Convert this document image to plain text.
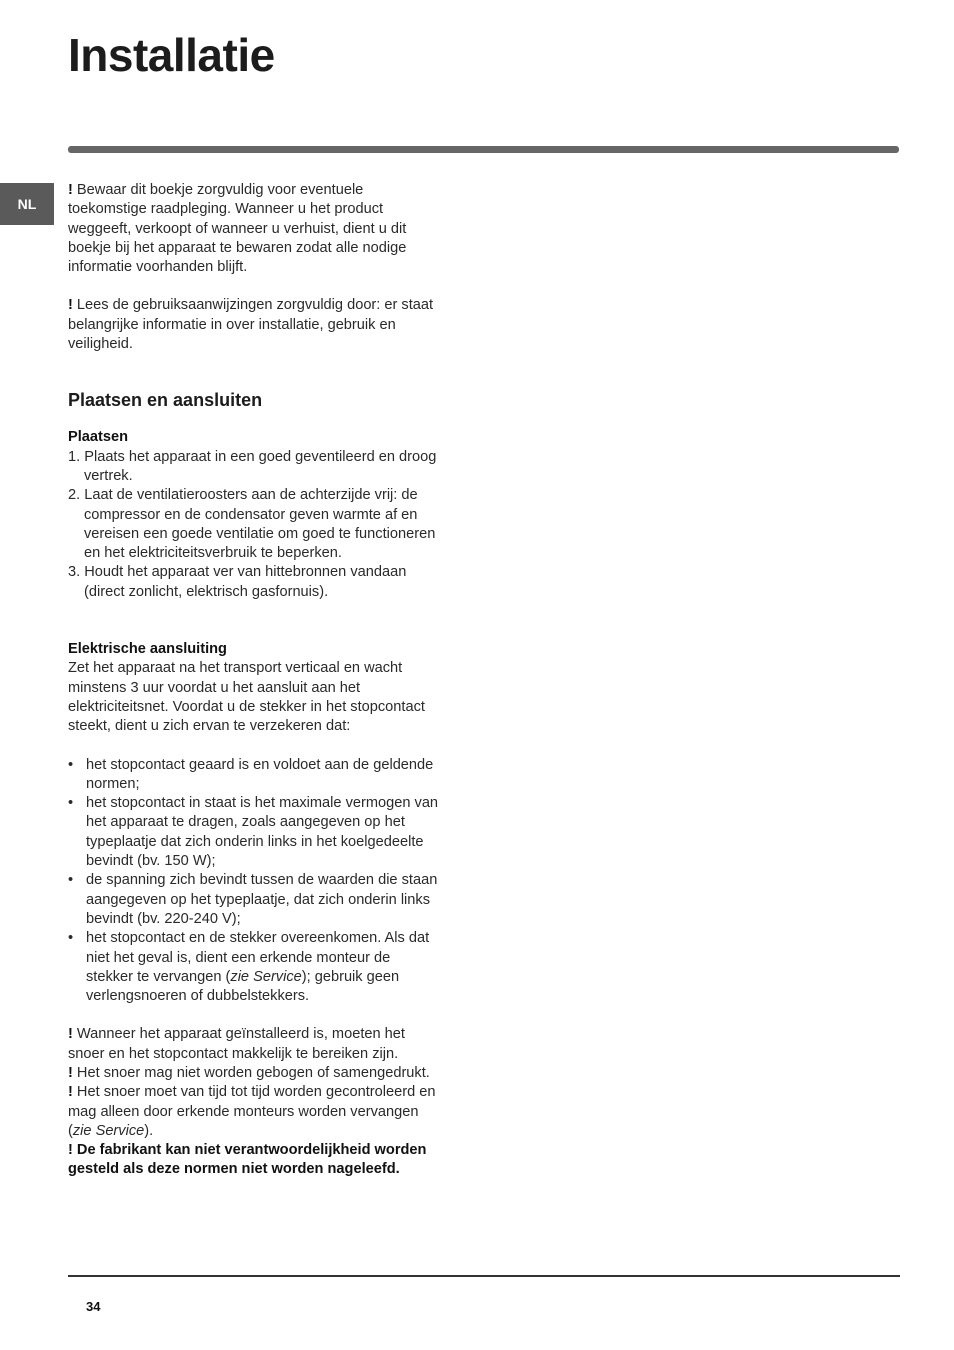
Installatie
NL

! Bewaar dit boekje zorgvuldig voor eventuele toekomstige raadpleging. Wanneer u het product weggeeft, verkoopt of wanneer u verhuist, dient u dit boekje bij het apparaat te bewaren zodat alle nodige informatie voorhanden blijft.

! Lees de gebruiksaanwijzingen zorgvuldig door: er staat belangrijke informatie in over installatie, gebruik en veiligheid.

Plaatsen en aansluiten

Plaatsen

1. Plaats het apparaat in een goed geventileerd en droog vertrek.
2. Laat de ventilatieroosters aan de achterzijde vrij: de compressor en de condensator geven warmte af en vereisen een goede ventilatie om goed te functioneren en het elektriciteitsverbruik te beperken.
3. Houdt het apparaat ver van hittebronnen vandaan (direct zonlicht, elektrisch gasfornuis).

Elektrische aansluiting

Zet het apparaat na het transport verticaal en wacht minstens 3 uur voordat u het aansluit aan het elektriciteitsnet. Voordat u de stekker in het stopcontact steekt, dient u zich ervan te verzekeren dat:

• het stopcontact geaard is en voldoet aan de geldende normen;
• het stopcontact in staat is het maximale vermogen van het apparaat te dragen, zoals aangegeven op het typeplaatje dat zich onderin links in het koelgedeelte bevindt (bv. 150 W);
• de spanning zich bevindt tussen de waarden die staan aangegeven op het typeplaatje, dat zich onderin links bevindt (bv. 220-240 V);
• het stopcontact en de stekker overeenkomen. Als dat niet het geval is, dient een erkende monteur de stekker te vervangen (zie Service); gebruik geen verlengsnoeren of dubbelstekkers.

! Wanneer het apparaat geïnstalleerd is, moeten het snoer en het stopcontact makkelijk te bereiken zijn.

! Het snoer mag niet worden gebogen of samengedrukt.

! Het snoer moet van tijd tot tijd worden gecontroleerd en mag alleen door erkende monteurs worden vervangen (zie Service).

! De fabrikant kan niet verantwoordelijkheid worden gesteld als deze normen niet worden nageleefd.

34
